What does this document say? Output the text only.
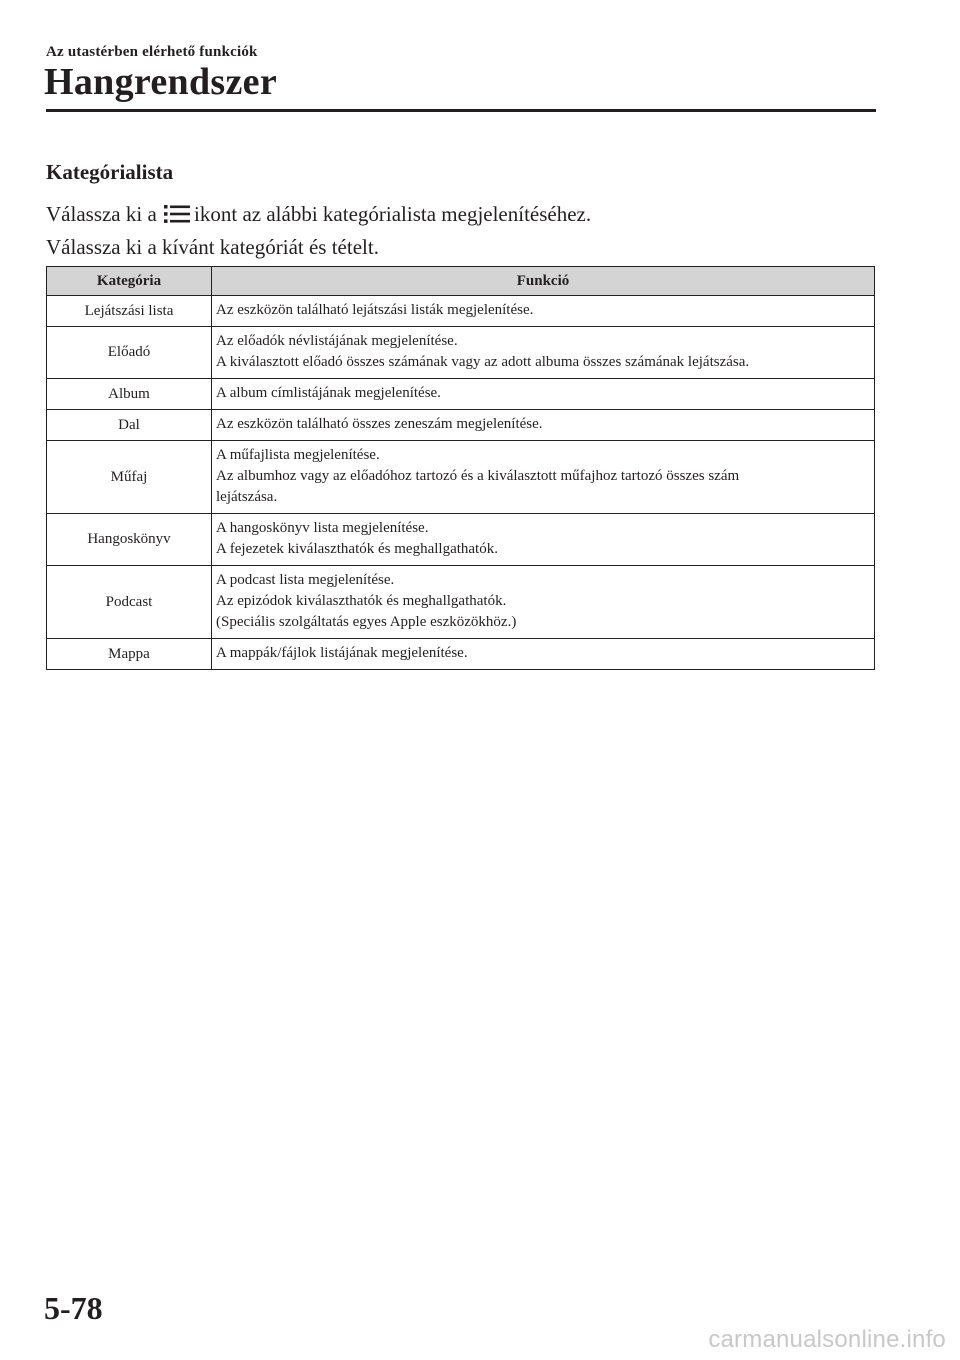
Az utastérben elérhető funkciók
Hangrendszer
Kategórialista
Válassza ki a ikont az alábbi kategórialista megjelenítéséhez.
Válassza ki a kívánt kategóriát és tételt.
Kategória	Funkció
Lejátszási lista	Az eszközön található lejátszási listák megjelenítése.

Előadó	Az előadók névlistájának megjelenítése.
A kiválasztott előadó összes számának vagy az adott albuma összes számának lejátszása.

Album	A album címlistájának megjelenítése.

Dal	Az eszközön található összes zeneszám megjelenítése.

Műfaj	A műfajlista megjelenítése.
Az albumhoz vagy az előadóhoz tartozó és a kiválasztott műfajhoz tartozó összes szám
lejátszása.

Hangoskönyv	A hangoskönyv lista megjelenítése.
A fejezetek kiválaszthatók és meghallgathatók.

Podcast	A podcast lista megjelenítése.
Az epizódok kiválaszthatók és meghallgathatók.
(Speciális szolgáltatás egyes Apple eszközökhöz.)

Mappa	A mappák/fájlok listájának megjelenítése.
5-78
carmanualsonline.info
